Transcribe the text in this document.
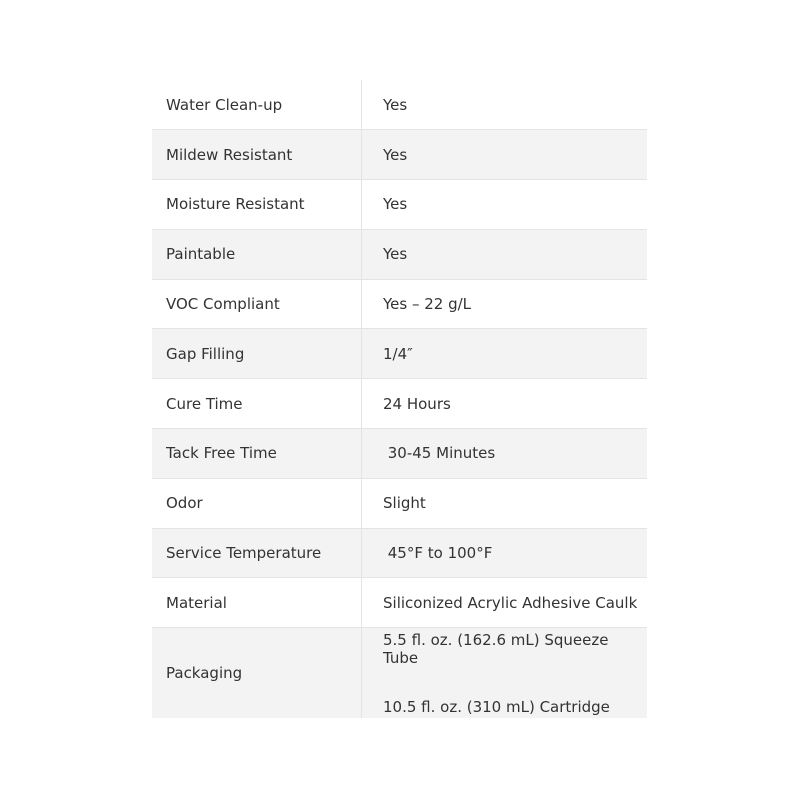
Water Clean-up	Yes
Mildew Resistant	Yes
Moisture Resistant	Yes
Paintable	Yes
VOC Compliant	Yes – 22 g/L
Gap Filling	1/4″
Cure Time	24 Hours
Tack Free Time	30-45 Minutes
Odor	Slight
Service Temperature	45°F to 100°F
Material	Siliconized Acrylic Adhesive Caulk
Packaging	5.5 fl. oz. (162.6 mL) Squeeze Tube
10.5 fl. oz. (310 mL) Cartridge
